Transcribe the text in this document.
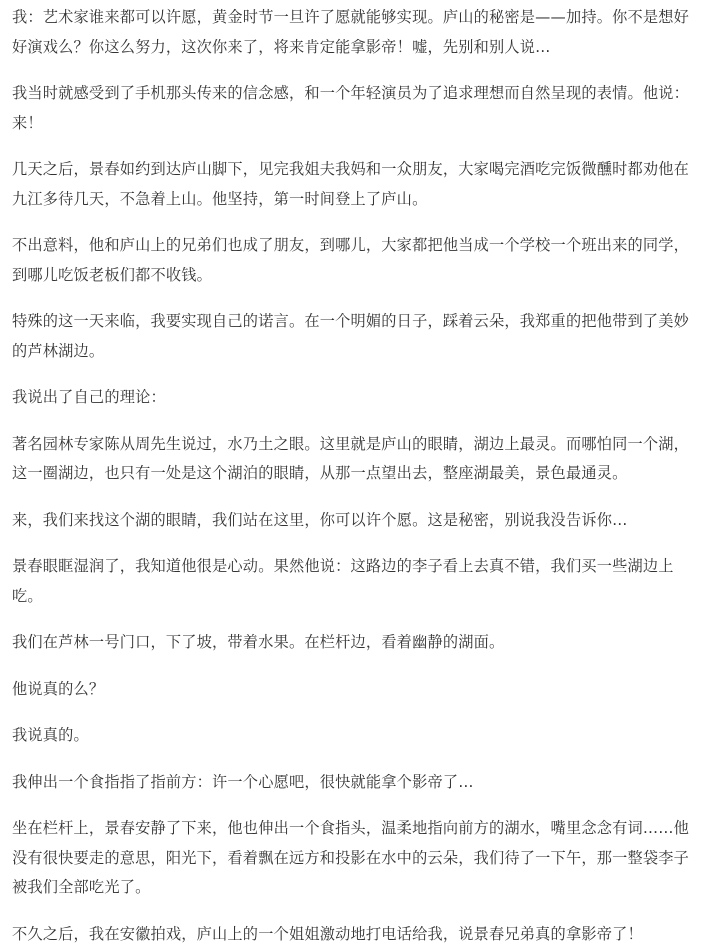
我：艺术家谁来都可以许愿，黄金时节一旦许了愿就能够实现。庐山的秘密是——加持。你不是想好好演戏么？你这么努力，这次你来了，将来肯定能拿影帝！嘘，先别和别人说…

我当时就感受到了手机那头传来的信念感，和一个年轻演员为了追求理想而自然呈现的表情。他说：来！

几天之后，景春如约到达庐山脚下，见完我姐夫我妈和一众朋友，大家喝完酒吃完饭微醺时都劝他在九江多待几天，不急着上山。他坚持，第一时间登上了庐山。

不出意料，他和庐山上的兄弟们也成了朋友，到哪儿，大家都把他当成一个学校一个班出来的同学，到哪儿吃饭老板们都不收钱。

特殊的这一天来临，我要实现自己的诺言。在一个明媚的日子，踩着云朵，我郑重的把他带到了美妙的芦林湖边。

我说出了自己的理论：

著名园林专家陈从周先生说过，水乃土之眼。这里就是庐山的眼睛，湖边上最灵。而哪怕同一个湖，这一圈湖边，也只有一处是这个湖泊的眼睛，从那一点望出去，整座湖最美，景色最通灵。

来，我们来找这个湖的眼睛，我们站在这里，你可以许个愿。这是秘密，别说我没告诉你…

景春眼眶湿润了，我知道他很是心动。果然他说：这路边的李子看上去真不错，我们买一些湖边上吃。

我们在芦林一号门口，下了坡，带着水果。在栏杆边，看着幽静的湖面。

他说真的么？

我说真的。

我伸出一个食指指了指前方：许一个心愿吧，很快就能拿个影帝了…

坐在栏杆上，景春安静了下来，他也伸出一个食指头，温柔地指向前方的湖水，嘴里念念有词……他没有很快要走的意思，阳光下，看着飘在远方和投影在水中的云朵，我们待了一下午，那一整袋李子被我们全部吃光了。

不久之后，我在安徽拍戏，庐山上的一个姐姐激动地打电话给我，说景春兄弟真的拿影帝了！
